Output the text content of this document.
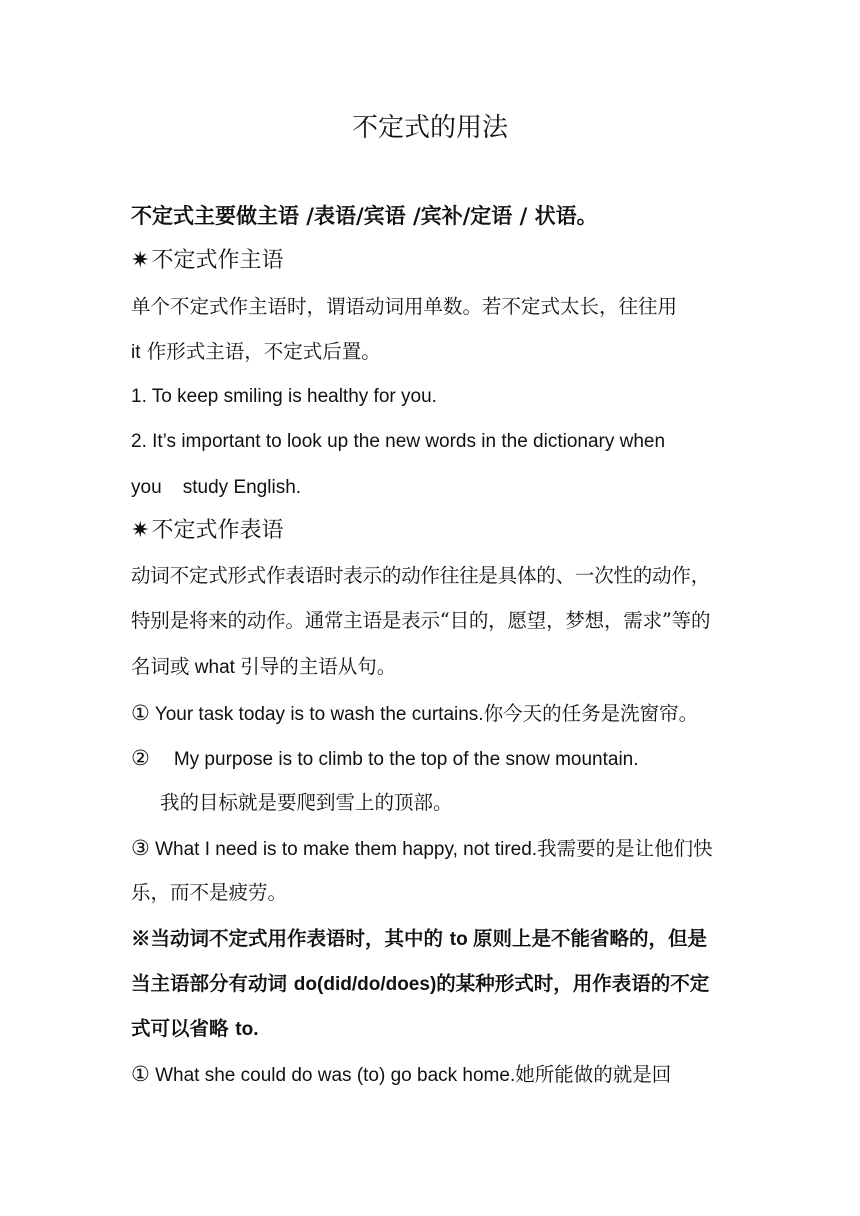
不定式的用法
不定式主要做主语 /表语/宾语 /宾补/定语 / 状语。
✷不定式作主语
单个不定式作主语时，谓语动词用单数。若不定式太长，往往用
it 作形式主语，不定式后置。
1. To keep smiling is healthy for you.
2. It’s important to look up the new words in the dictionary when
you    study English.
✷不定式作表语
动词不定式形式作表语时表示的动作往往是具体的、一次性的动作，
特别是将来的动作。通常主语是表示“目的，愿望，梦想，需求”等的
名词或 what 引导的主语从句。
① Your task today is to wash the curtains.你今天的任务是洗窗帘。
② My purpose is to climb to the top of the snow mountain.
我的目标就是要爬到雪上的顶部。
③ What I need is to make them happy, not tired.我需要的是让他们快
乐，而不是疲劳。
※当动词不定式用作表语时，其中的 to 原则上是不能省略的，但是
当主语部分有动词 do(did/do/does)的某种形式时，用作表语的不定
式可以省略 to.
① What she could do was (to) go back home.她所能做的就是回
